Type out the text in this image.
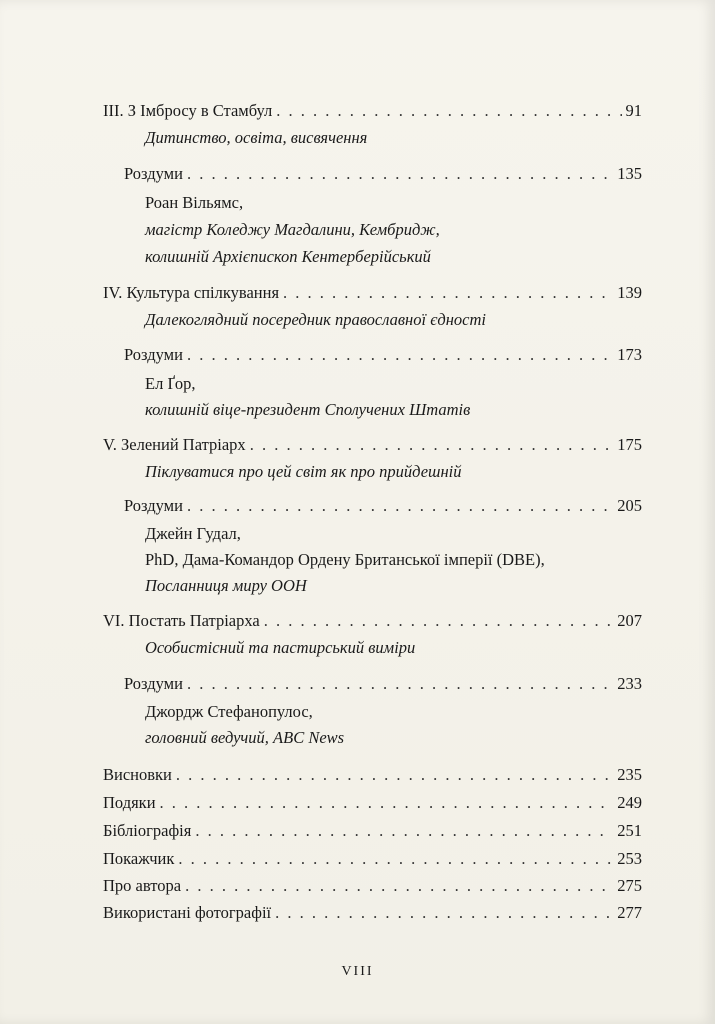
III. З Імбросу в Стамбул . . .	91
Дитинство, освіта, висвячення
Роздуми . . .	135
Роан Вільямс,
магістр Коледжу Магдалини, Кембридж,
колишній Архієпископ Кентерберійський
IV. Культура спілкування . . .	139
Далекоглядний посередник православної єдності
Роздуми . . .	173
Ел Ґор,
колишній віце-президент Сполучених Штатів
V. Зелений Патріарх . . .	175
Піклуватися про цей світ як про прийдешній
Роздуми . . .	205
Джейн Гудал,
PhD, Дама-Командор Ордену Британської імперії (DBE),
Посланниця миру ООН
VI. Постать Патріарха . . .	207
Особистісний та пастирський виміри
Роздуми . . .	233
Джордж Стефанопулос,
головний ведучий, ABC News
Висновки . . .	235
Подяки . . .	249
Бібліографія . . .	251
Покажчик . . .	253
Про автора . . .	275
Використані фотографії . . .	277
VIII
